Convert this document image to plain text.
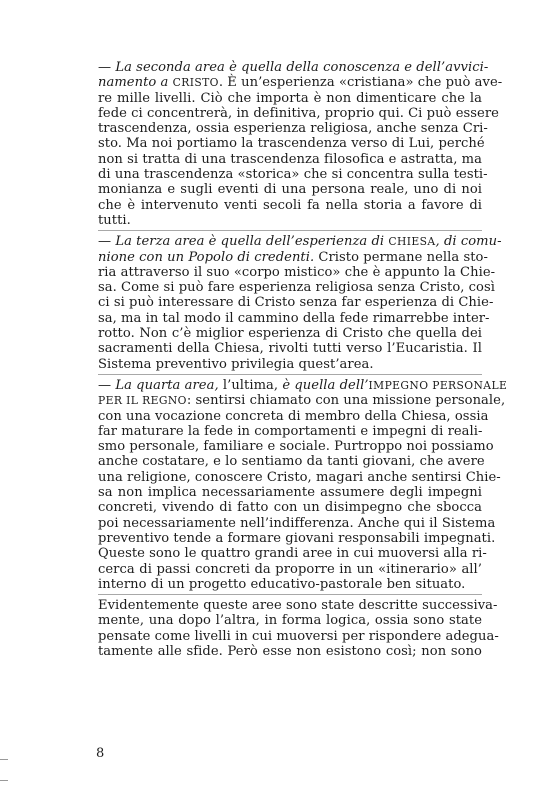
— La seconda area è quella della conoscenza e dell’avvici-
namento a CRISTO. È un’esperienza «cristiana» che può ave-
re mille livelli. Ciò che importa è non dimenticare che la
fede ci concentrerà, in definitiva, proprio qui. Ci può essere
trascendenza, ossia esperienza religiosa, anche senza Cri-
sto. Ma noi portiamo la trascendenza verso di Lui, perché
non si tratta di una trascendenza filosofica e astratta, ma
di una trascendenza «storica» che si concentra sulla testi-
monianza e sugli eventi di una persona reale, uno di noi
che è intervenuto venti secoli fa nella storia a favore di
tutti.
— La terza area è quella dell’esperienza di CHIESA, di comu-
nione con un Popolo di credenti. Cristo permane nella sto-
ria attraverso il suo «corpo mistico» che è appunto la Chie-
sa. Come si può fare esperienza religiosa senza Cristo, così
ci si può interessare di Cristo senza far esperienza di Chie-
sa, ma in tal modo il cammino della fede rimarrebbe inter-
rotto. Non c’è miglior esperienza di Cristo che quella dei
sacramenti della Chiesa, rivolti tutti verso l’Eucaristia. Il
Sistema preventivo privilegia quest’area.
— La quarta area, l’ultima, è quella dell’IMPEGNO PERSONALE
PER IL REGNO: sentirsi chiamato con una missione personale,
con una vocazione concreta di membro della Chiesa, ossia
far maturare la fede in comportamenti e impegni di reali-
smo personale, familiare e sociale. Purtroppo noi possiamo
anche costatare, e lo sentiamo da tanti giovani, che avere
una religione, conoscere Cristo, magari anche sentirsi Chie-
sa non implica necessariamente assumere degli impegni
concreti, vivendo di fatto con un disimpegno che sbocca
poi necessariamente nell’indifferenza. Anche qui il Sistema
preventivo tende a formare giovani responsabili impegnati.
Queste sono le quattro grandi aree in cui muoversi alla ri-
cerca di passi concreti da proporre in un «itinerario» all’
interno di un progetto educativo-pastorale ben situato.
Evidentemente queste aree sono state descritte successiva-
mente, una dopo l’altra, in forma logica, ossia sono state
pensate come livelli in cui muoversi per rispondere adegua-
tamente alle sfide. Però esse non esistono così; non sono
8
